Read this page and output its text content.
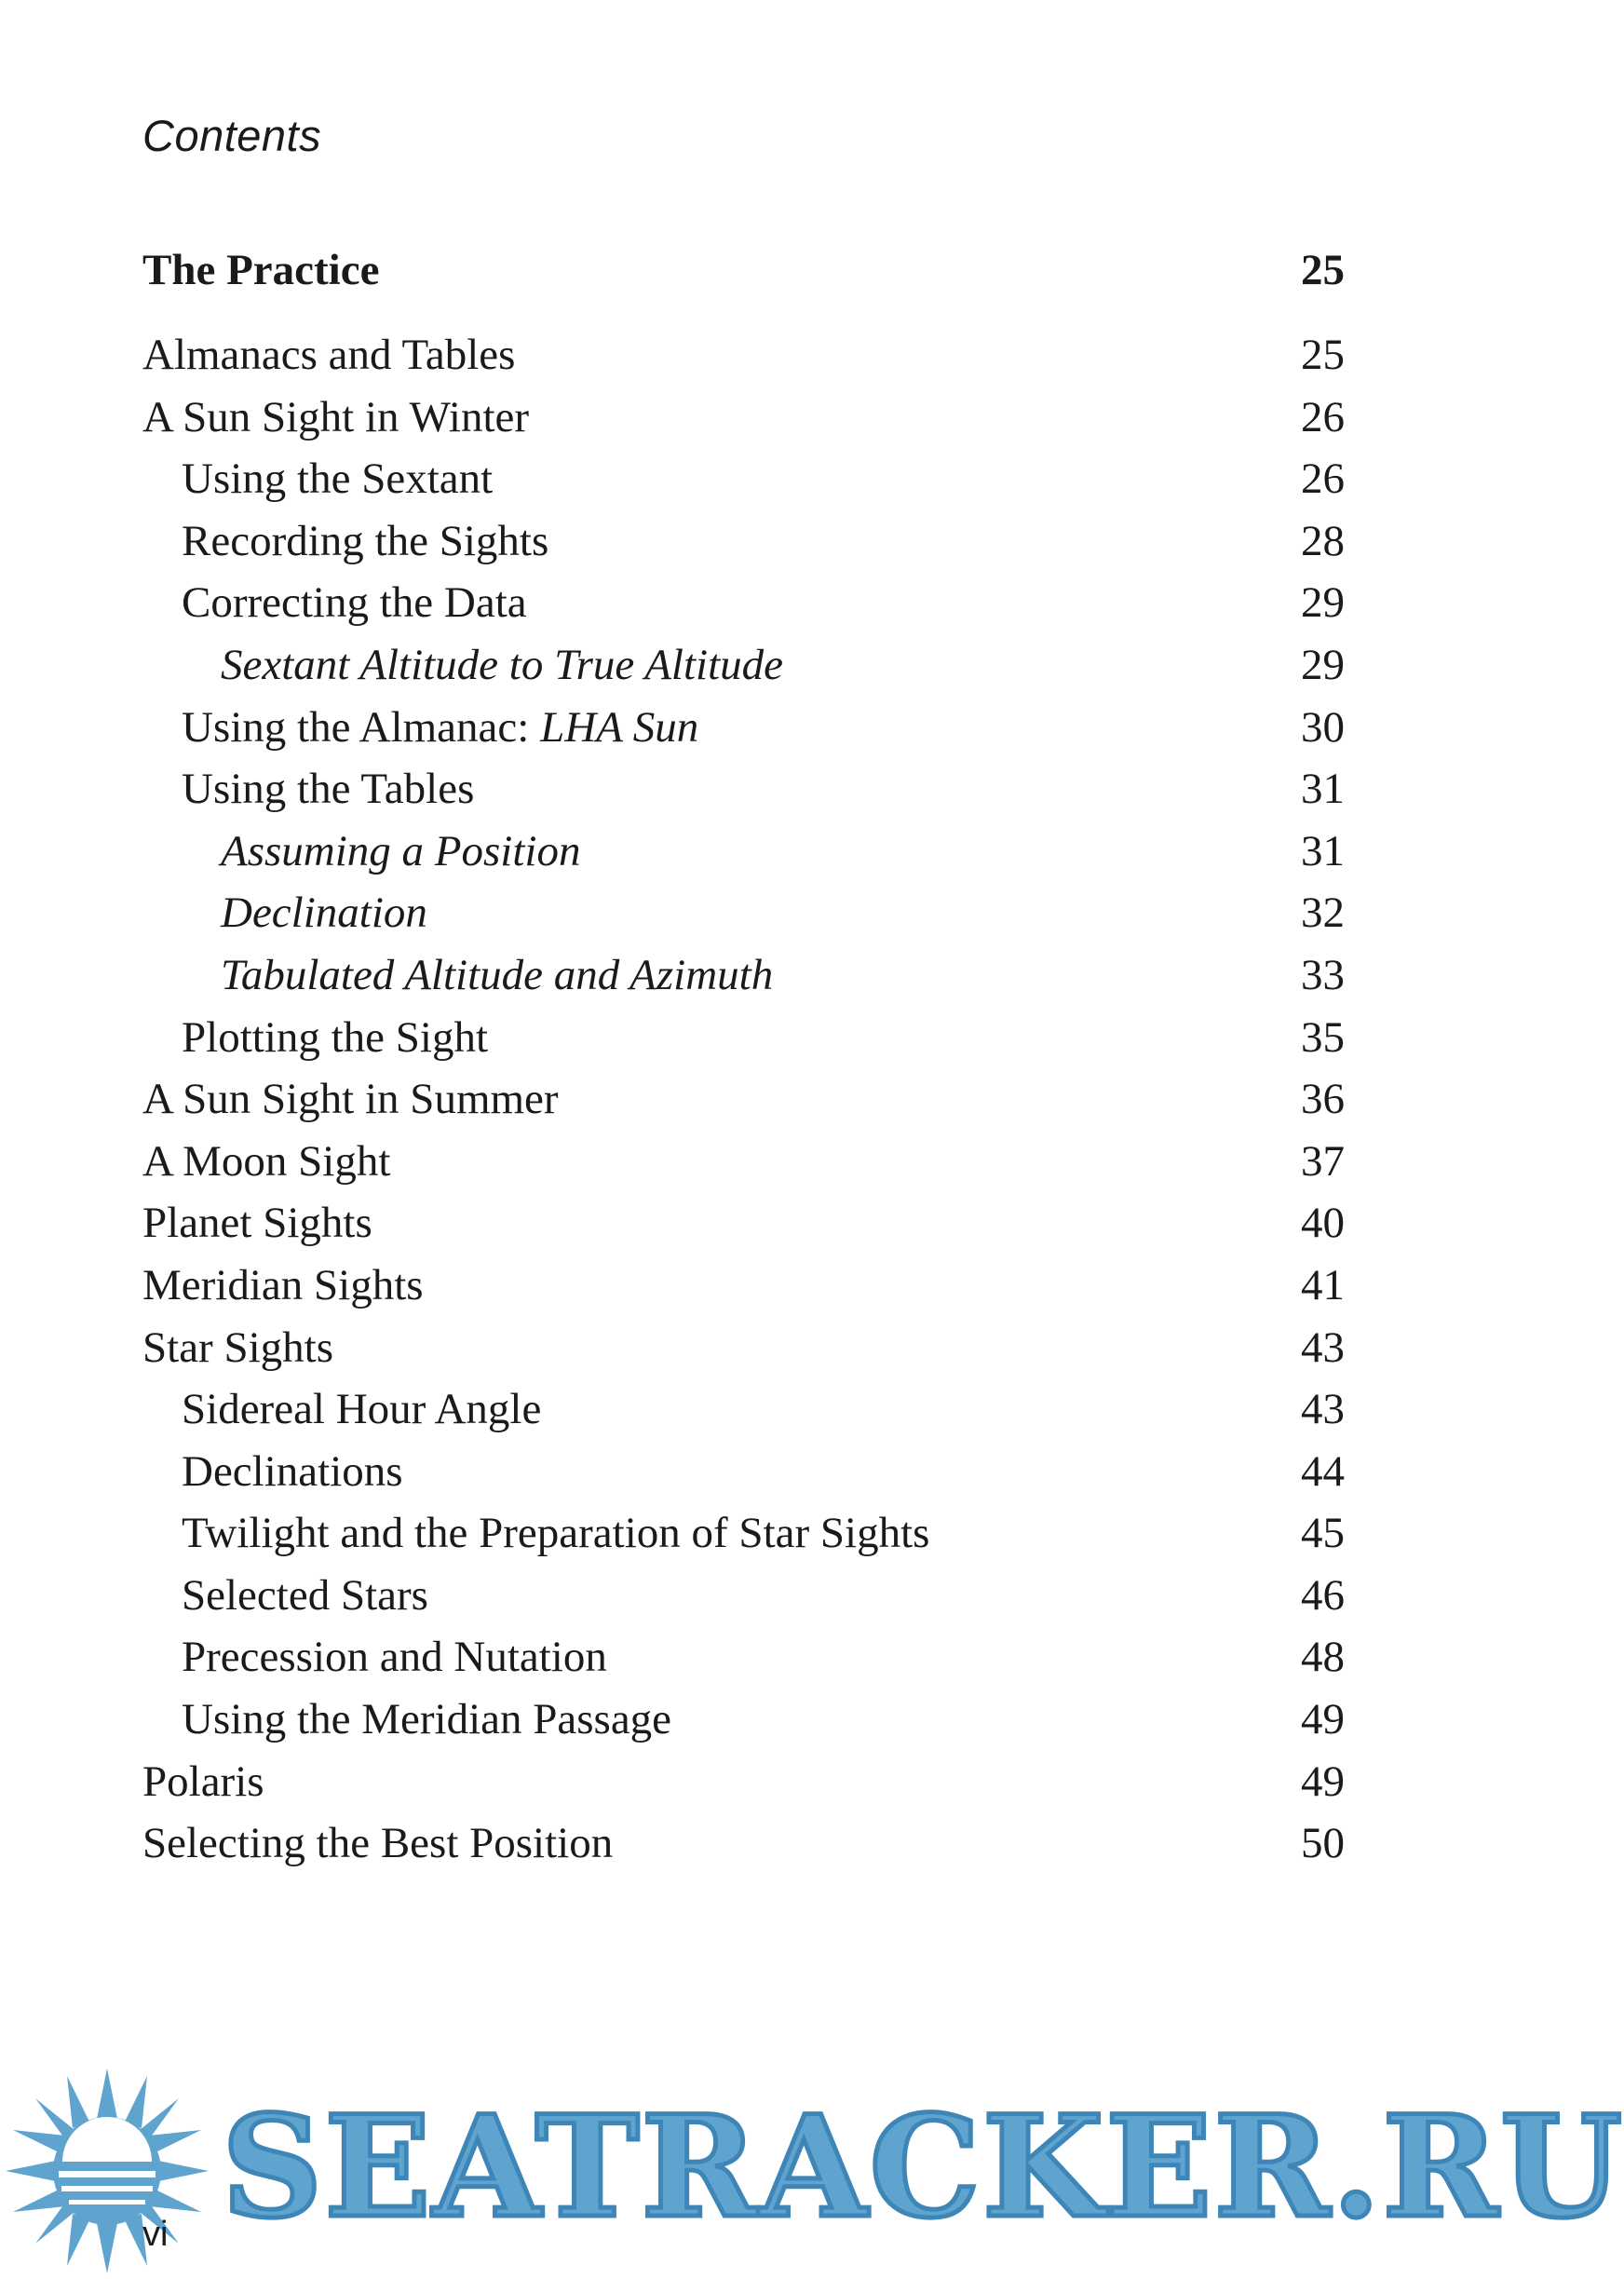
Contents
The Practice	25
Almanacs and Tables	25
A Sun Sight in Winter	26
Using the Sextant	26
Recording the Sights	28
Correcting the Data	29
Sextant Altitude to True Altitude	29
Using the Almanac: LHA Sun	30
Using the Tables	31
Assuming a Position	31
Declination	32
Tabulated Altitude and Azimuth	33
Plotting the Sight	35
A Sun Sight in Summer	36
A Moon Sight	37
Planet Sights	40
Meridian Sights	41
Star Sights	43
Sidereal Hour Angle	43
Declinations	44
Twilight and the Preparation of Star Sights	45
Selected Stars	46
Precession and Nutation	48
Using the Meridian Passage	49
Polaris	49
Selecting the Best Position	50
SEATRACKER.RU
vi
